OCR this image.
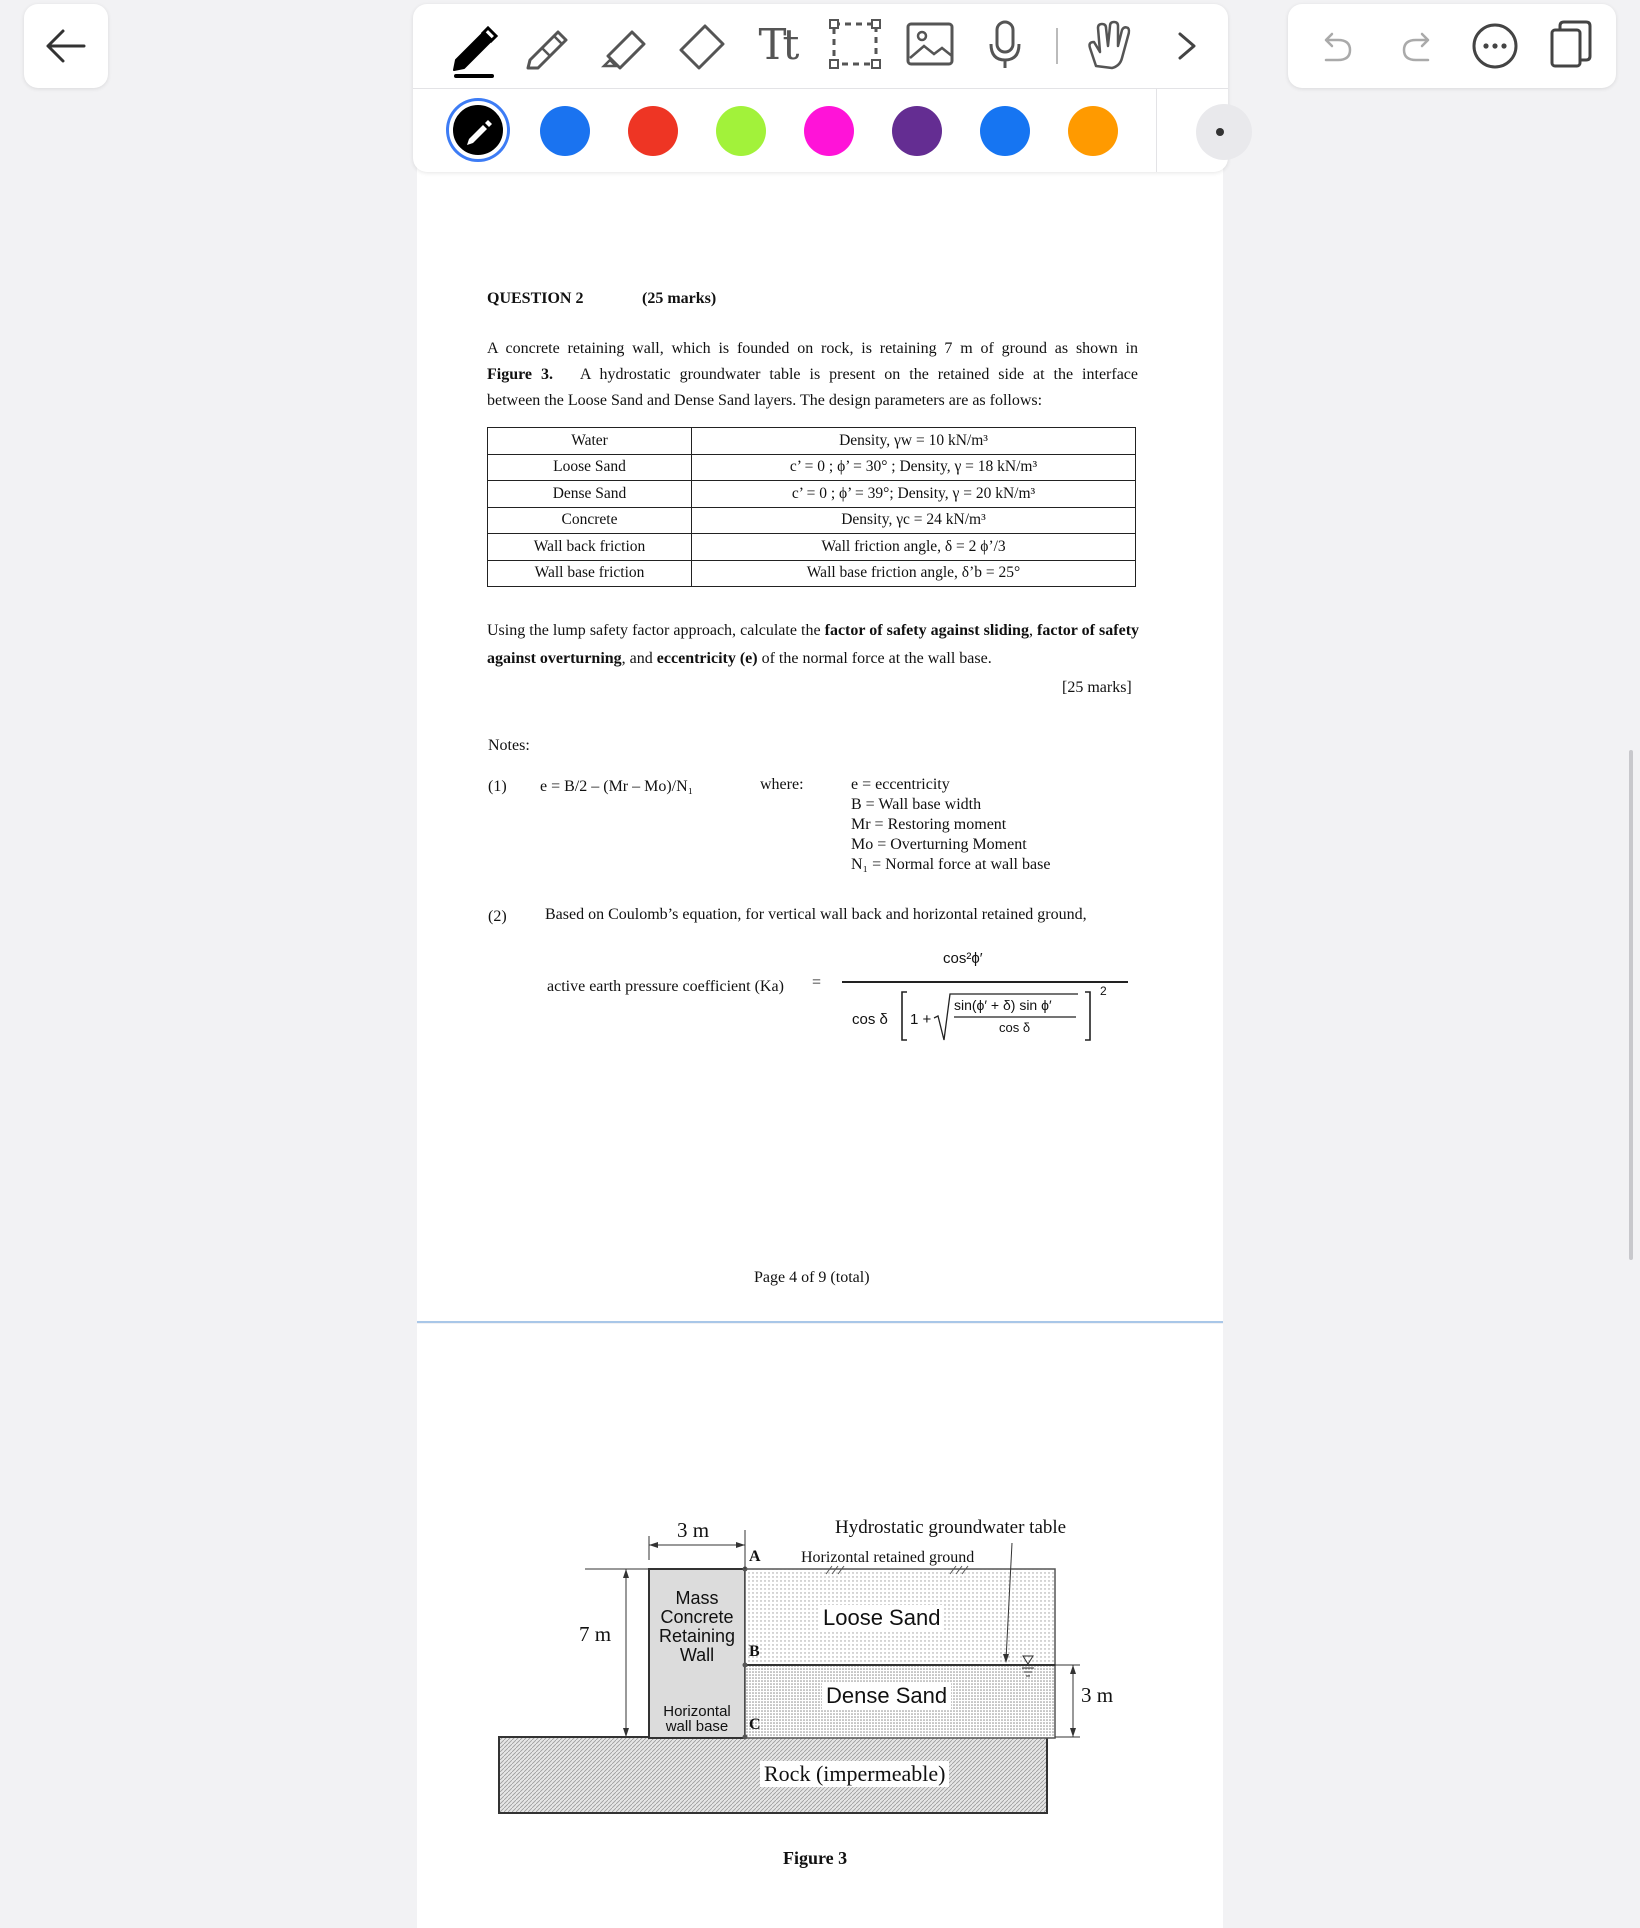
Tt
QUESTION 2	(25 marks)
A concrete retaining wall, which is founded on rock, is retaining 7 m of ground as shown in
Figure 3. A hydrostatic groundwater table is present on the retained side at the interface
between the Loose Sand and Dense Sand layers. The design parameters are as follows:
Water	Density, γw = 10 kN/m³
Loose Sand	c’ = 0 ; ϕ’ = 30° ; Density, γ = 18 kN/m³
Dense Sand	c’ = 0 ; ϕ’ = 39°; Density, γ = 20 kN/m³
Concrete	Density, γc = 24 kN/m³
Wall back friction	Wall friction angle, δ = 2 ϕ’/3
Wall base friction	Wall base friction angle, δ’b = 25°
Using the lump safety factor approach, calculate the factor of safety against sliding, factor of safety against overturning, and eccentricity (e) of the normal force at the wall base.
[25 marks]
Notes:
(1) e = B/2 – (Mr – Mo)/N₁	where:	e = eccentricity
B = Wall base width
Mr = Restoring moment
Mo = Overturning Moment
N₁ = Normal force at wall base
(2) Based on Coulomb’s equation, for vertical wall back and horizontal retained ground,
active earth pressure coefficient (Ka) =
cos²ϕ′
cos δ 1 +
sin(ϕ′ + δ) sin ϕ′
cos δ
2
Page 4 of 9 (total)
3 m
7 m
3 m
Hydrostatic groundwater table
Horizontal retained ground
Mass
Concrete
Retaining
Wall
Horizontal
wall base
Loose Sand
Dense Sand
Rock (impermeable)
A
B
C
Figure 3
